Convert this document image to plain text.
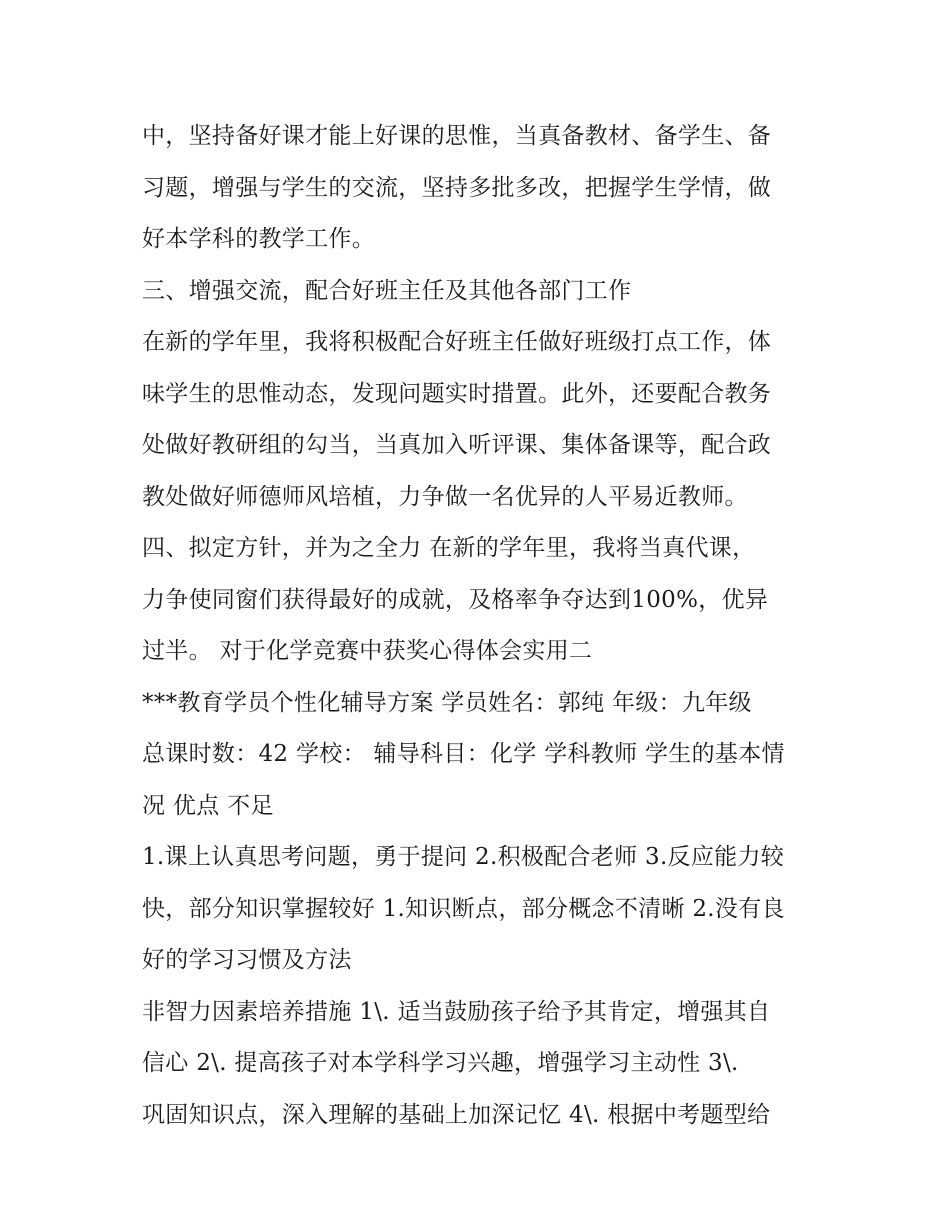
中，坚持备好课才能上好课的思惟，当真备教材、备学生、备
习题，增强与学生的交流，坚持多批多改，把握学生学情，做
好本学科的教学工作。
三、增强交流，配合好班主任及其他各部门工作
在新的学年里，我将积极配合好班主任做好班级打点工作，体
味学生的思惟动态，发现问题实时措置。此外，还要配合教务
处做好教研组的勾当，当真加入听评课、集体备课等，配合政
教处做好师德师风培植，力争做一名优异的人平易近教师。
四、拟定方针，并为之全力 在新的学年里，我将当真代课，
力争使同窗们获得最好的成就，及格率争夺达到100%，优异
过半。 对于化学竞赛中获奖心得体会实用二
***教育学员个性化辅导方案 学员姓名：郭纯 年级：九年级
总课时数：42 学校： 辅导科目：化学 学科教师 学生的基本情
况 优点 不足
1.课上认真思考问题，勇于提问 2.积极配合老师 3.反应能力较
快，部分知识掌握较好 1.知识断点，部分概念不清晰 2.没有良
好的学习习惯及方法
非智力因素培养措施 1\. 适当鼓励孩子给予其肯定，增强其自
信心 2\. 提高孩子对本学科学习兴趣，增强学习主动性 3\.
巩固知识点，深入理解的基础上加深记忆 4\. 根据中考题型给
